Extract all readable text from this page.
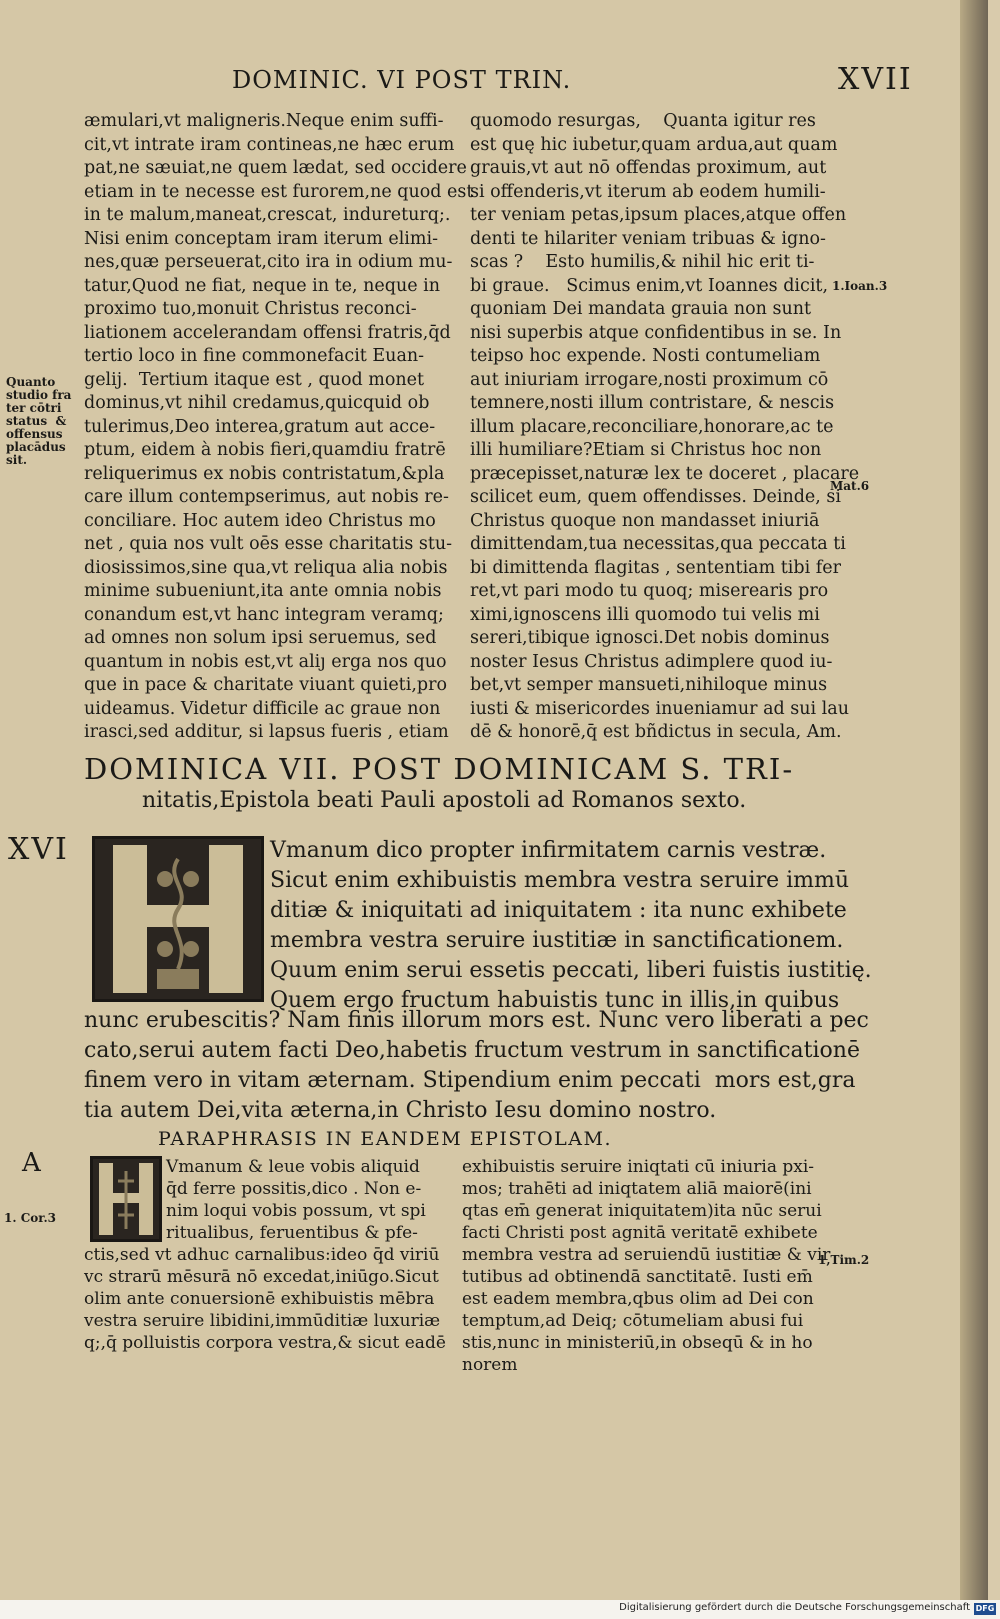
DOMINIC. VI POST TRIN.	XVII
Quanto
studio fra
ter cōtri
status  &
offensus
placādus
sit.
1.Ioan.3
Mat.6
æmulari,vt maligneris.Neque enim suffi-
cit,vt intrate iram contineas,ne hæc erum
pat,ne sæuiat,ne quem lædat, sed occidere
etiam in te necesse est furorem,ne quod est
in te malum,maneat,crescat, indureturq;.
Nisi enim conceptam iram iterum elimi-
nes,quæ perseuerat,cito ira in odium mu-
tatur,Quod ne fiat, neque in te, neque in
proximo tuo,monuit Christus reconci-
liationem accelerandam offensi fratris,q̄d
tertio loco in fine commonefacit Euan-
gelij.  Tertium itaque est , quod monet
dominus,vt nihil credamus,quicquid ob
tulerimus,Deo interea,gratum aut acce-
ptum, eidem à nobis fieri,quamdiu fratrē
reliquerimus ex nobis contristatum,&pla
care illum contempserimus, aut nobis re-
conciliare. Hoc autem ideo Christus mo
net , quia nos vult oēs esse charitatis stu-
diosissimos,sine qua,vt reliqua alia nobis
minime subueniunt,ita ante omnia nobis
conandum est,vt hanc integram veramq;
ad omnes non solum ipsi seruemus, sed
quantum in nobis est,vt aliȷ erga nos quo
que in pace & charitate viuant quieti,pro
uideamus. Videtur difficile ac graue non
irasci,sed additur, si lapsus fueris , etiam
quomodo resurgas,    Quanta igitur res
est quę hic iubetur,quam ardua,aut quam
grauis,vt aut nō offendas proximum, aut
si offenderis,vt iterum ab eodem humili-
ter veniam petas,ipsum places,atque offen
denti te hilariter veniam tribuas & igno-
scas ?    Esto humilis,& nihil hic erit ti-
bi graue.   Scimus enim,vt Ioannes dicit,
quoniam Dei mandata grauia non sunt
nisi superbis atque confidentibus in se. In
teipso hoc expende. Nosti contumeliam
aut iniuriam irrogare,nosti proximum cō
temnere,nosti illum contristare, & nescis
illum placare,reconciliare,honorare,ac te
illi humiliare?Etiam si Christus hoc non
præcepisset,naturæ lex te doceret , placare
scilicet eum, quem offendisses. Deinde, si
Christus quoque non mandasset iniuriā
dimittendam,tua necessitas,qua peccata ti
bi dimittenda flagitas , sententiam tibi fer
ret,vt pari modo tu quoq; miserearis pro
ximi,ignoscens illi quomodo tui velis mi
sereri,tibique ignosci.Det nobis dominus
noster Iesus Christus adimplere quod iu-
bet,vt semper mansueti,nihiloque minus
iusti & misericordes inueniamur ad sui lau
dē & honorē,q̄ est bñdictus in secula, Am.
DOMINICA VII. POST DOMINICAM S. TRI-
nitatis,Epistola beati Pauli apostoli ad Romanos sexto.
XVI	Vmanum dico propter infirmitatem carnis vestræ.
Sicut enim exhibuistis membra vestra seruire immū
ditiæ & iniquitati ad iniquitatem : ita nunc exhibete
membra vestra seruire iustitiæ in sanctificationem.
Quum enim serui essetis peccati, liberi fuistis iustitię.
Quem ergo fructum habuistis tunc in illis,in quibus
nunc erubescitis? Nam finis illorum mors est. Nunc vero liberati a pec
cato,serui autem facti Deo,habetis fructum vestrum in sanctificationē
finem vero in vitam æternam. Stipendium enim peccati  mors est,gra
tia autem Dei,vita æterna,in Christo Iesu domino nostro.
PARAPHRASIS IN EANDEM EPISTOLAM.
A
1. Cor.3
1,Tim.2
Vmanum & leue vobis aliquid
q̄d ferre possitis,dico . Non e-
nim loqui vobis possum, vt spi
ritualibus, feruentibus & pfe-
ctis,sed vt adhuc carnalibus:ideo q̄d viriū
vc strarū mēsurā nō excedat,iniūgo.Sicut
olim ante conuersionē exhibuistis mēbra
vestra seruire libidini,immūditiæ luxuriæ
q;,q̄ polluistis corpora vestra,& sicut eadē
exhibuistis seruire iniqtati cū iniuria pxi-
mos; trahēti ad iniqtatem aliā maiorē(ini
qtas em̄ generat iniquitatem)ita nūc serui
facti Christi post agnitā veritatē exhibete
membra vestra ad seruiendū iustitiæ & vir
tutibus ad obtinendā sanctitatē. Iusti em̄
est eadem membra,qbus olim ad Dei con
temptum,ad Deiq; cōtumeliam abusi fui
stis,nunc in ministeriū,in obseqū & in ho
norem
Digitalisierung gefördert durch die Deutsche Forschungsgemeinschaft DFG
